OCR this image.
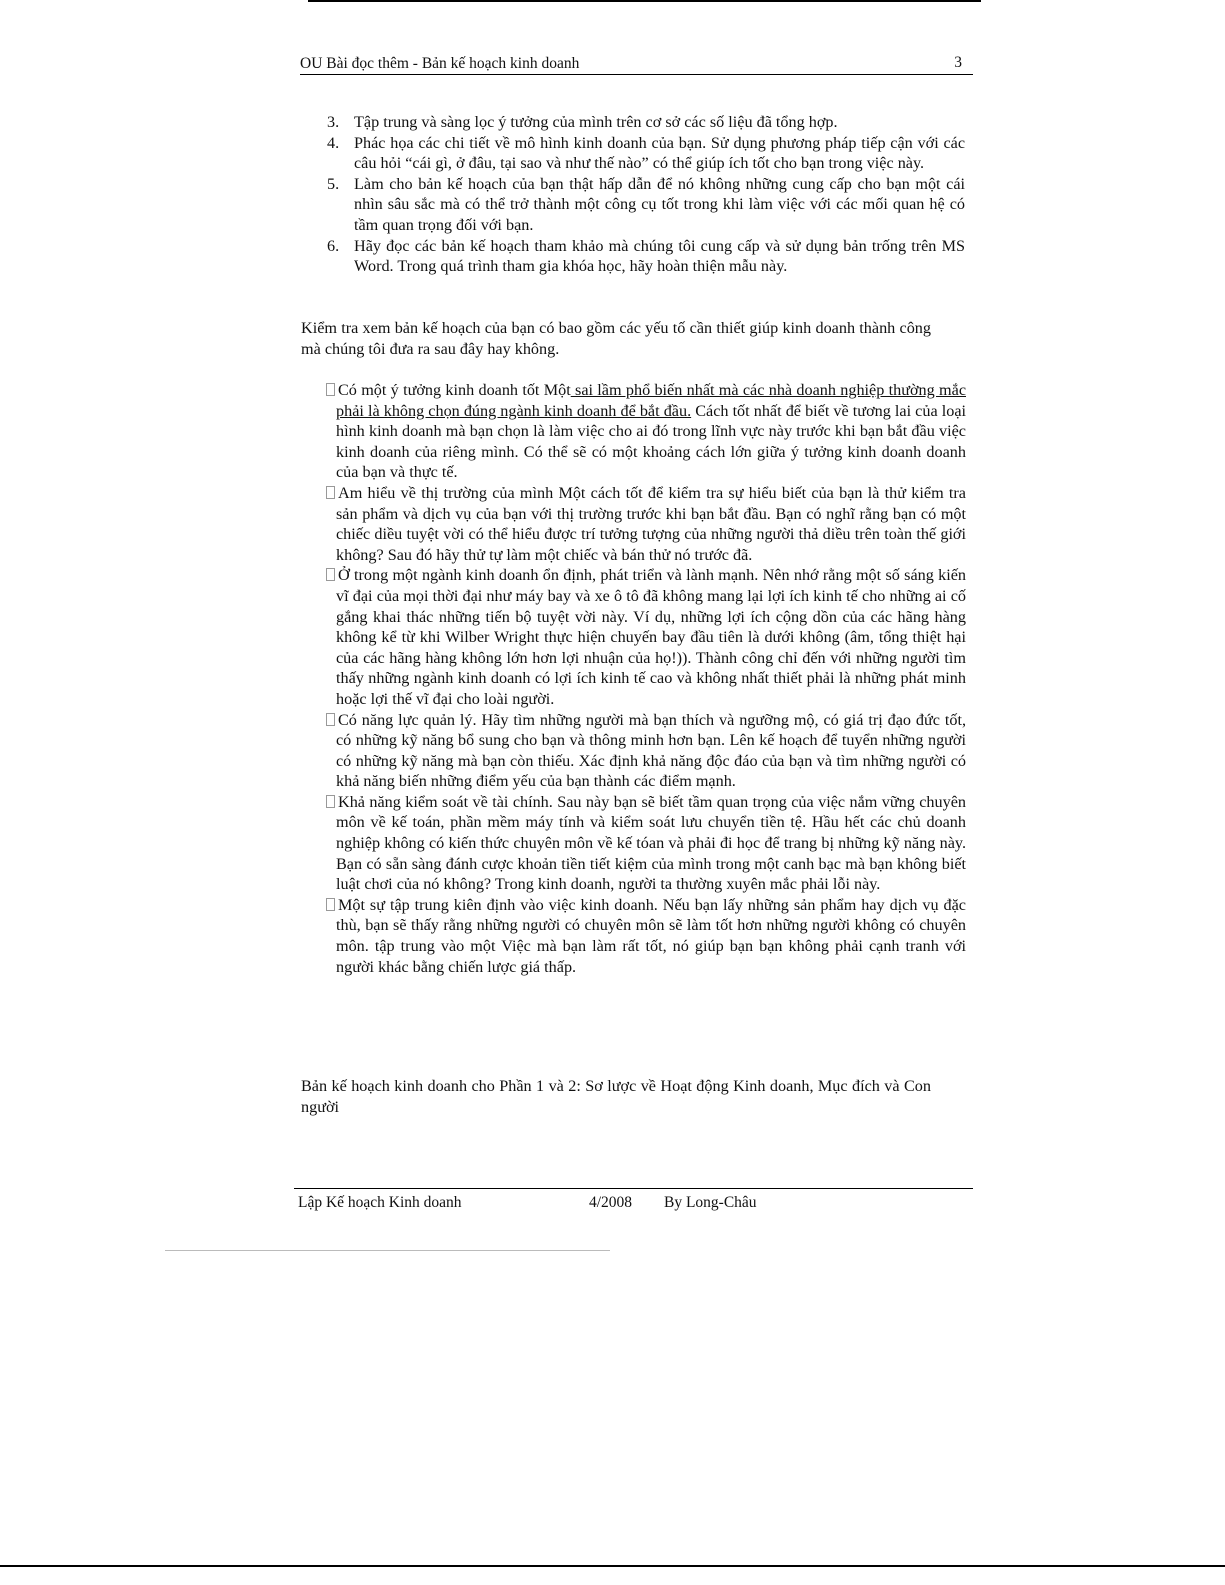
OU Bài đọc thêm - Bản kế hoạch kinh doanh	3
3. Tập trung và sàng lọc ý tưởng của mình trên cơ sở các số liệu đã tổng hợp.
4. Phác họa các chi tiết về mô hình kinh doanh của bạn. Sử dụng phương pháp tiếp cận với các câu hỏi “cái gì, ở đâu, tại sao và như thế nào” có thể giúp ích tốt cho bạn trong việc này.
5. Làm cho bản kế hoạch của bạn thật hấp dẫn để nó không những cung cấp cho bạn một cái nhìn sâu sắc mà có thể trở thành một công cụ tốt trong khi làm việc với các mối quan hệ có tầm quan trọng đối với bạn.
6. Hãy đọc các bản kế hoạch tham khảo mà chúng tôi cung cấp và sử dụng bản trống trên MS Word. Trong quá trình tham gia khóa học, hãy hoàn thiện mẫu này.
Kiểm tra xem bản kế hoạch của bạn có bao gồm các yếu tố cần thiết giúp kinh doanh thành công mà chúng tôi đưa ra sau đây hay không.
Có một ý tưởng kinh doanh tốt Một sai lầm phổ biến nhất mà các nhà doanh nghiệp thường mắc phải là không chọn đúng ngành kinh doanh để bắt đầu. Cách tốt nhất để biết về tương lai của loại hình kinh doanh mà bạn chọn là làm việc cho ai đó trong lĩnh vực này trước khi bạn bắt đầu việc kinh doanh của riêng mình. Có thể sẽ có một khoảng cách lớn giữa ý tưởng kinh doanh doanh của bạn và thực tế.
Am hiểu về thị trường của mình Một cách tốt để kiểm tra sự hiểu biết của bạn là thử kiểm tra sản phẩm và dịch vụ của bạn với thị trường trước khi bạn bắt đầu. Bạn có nghĩ rằng bạn có một chiếc diều tuyệt vời có thể hiểu được trí tưởng tượng của những người thả diều trên toàn thế giới không? Sau đó hãy thử tự làm một chiếc và bán thử nó trước đã.
Ở trong một ngành kinh doanh ổn định, phát triển và lành mạnh. Nên nhớ rằng một số sáng kiến vĩ đại của mọi thời đại như máy bay và xe ô tô đã không mang lại lợi ích kinh tế cho những ai cố gắng khai thác những tiến bộ tuyệt vời này. Ví dụ, những lợi ích cộng dồn của các hãng hàng không kể từ khi Wilber Wright thực hiện chuyến bay đầu tiên là dưới không (âm, tổng thiệt hại của các hãng hàng không lớn hơn lợi nhuận của họ!)). Thành công chỉ đến với những người tìm thấy những ngành kinh doanh có lợi ích kinh tế cao và không nhất thiết phải là những phát minh hoặc lợi thế vĩ đại cho loài người.
Có năng lực quản lý. Hãy tìm những người mà bạn thích và ngưỡng mộ, có giá trị đạo đức tốt, có những kỹ năng bổ sung cho bạn và thông minh hơn bạn. Lên kế hoạch để tuyển những người có những kỹ năng mà bạn còn thiếu. Xác định khả năng độc đáo của bạn và tìm những người có khả năng biến những điểm yếu của bạn thành các điểm mạnh.
Khả năng kiểm soát về tài chính. Sau này bạn sẽ biết tầm quan trọng của việc nắm vững chuyên môn về kế toán, phần mềm máy tính và kiểm soát lưu chuyển tiền tệ. Hầu hết các chủ doanh nghiệp không có kiến thức chuyên môn về kế tóan và phải đi học để trang bị những kỹ năng này. Bạn có sẵn sàng đánh cược khoản tiền tiết kiệm của mình trong một canh bạc mà bạn không biết luật chơi của nó không? Trong kinh doanh, người ta thường xuyên mắc phải lỗi này.
Một sự tập trung kiên định vào việc kinh doanh. Nếu bạn lấy những sản phẩm hay dịch vụ đặc thù, bạn sẽ thấy rằng những người có chuyên môn sẽ làm tốt hơn những người không có chuyên môn. tập trung vào một Việc mà bạn làm rất tốt, nó giúp bạn bạn không phải cạnh tranh với người khác bằng chiến lược giá thấp.
Bản kế hoạch kinh doanh cho Phần 1 và 2: Sơ lược về Hoạt động Kinh doanh, Mục đích và Con người
Lập Kế hoạch Kinh doanh	4/2008 By Long-Châu
